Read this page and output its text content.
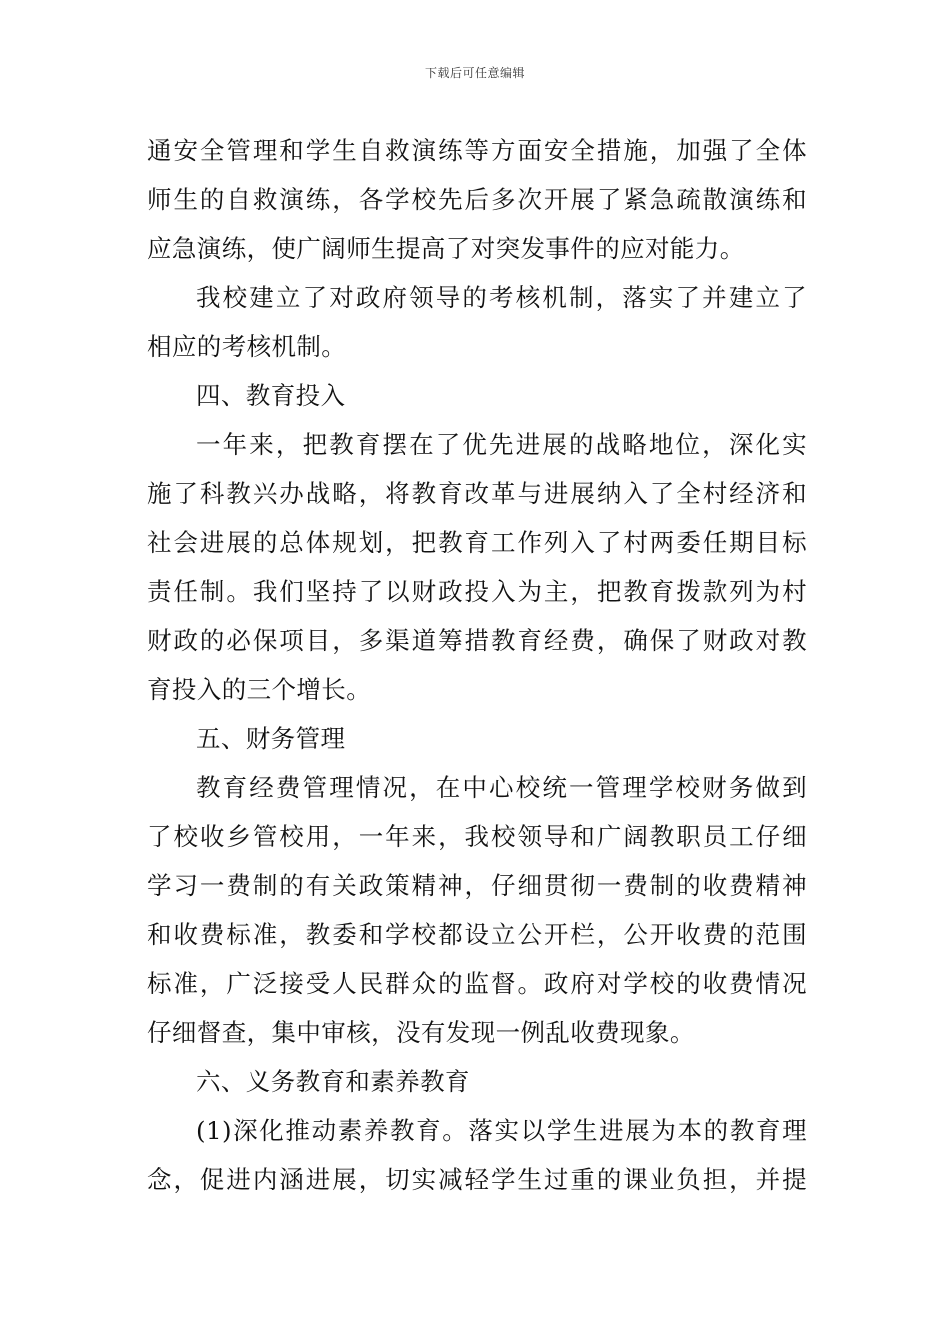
下载后可任意编辑
通安全管理和学生自救演练等方面安全措施，加强了全体
师生的自救演练，各学校先后多次开展了紧急疏散演练和
应急演练，使广阔师生提高了对突发事件的应对能力。
我校建立了对政府领导的考核机制，落实了并建立了
相应的考核机制。
四、教育投入
一年来，把教育摆在了优先进展的战略地位，深化实
施了科教兴办战略，将教育改革与进展纳入了全村经济和
社会进展的总体规划，把教育工作列入了村两委任期目标
责任制。我们坚持了以财政投入为主，把教育拨款列为村
财政的必保项目，多渠道筹措教育经费，确保了财政对教
育投入的三个增长。
五、财务管理
教育经费管理情况，在中心校统一管理学校财务做到
了校收乡管校用，一年来，我校领导和广阔教职员工仔细
学习一费制的有关政策精神，仔细贯彻一费制的收费精神
和收费标准，教委和学校都设立公开栏，公开收费的范围
标准，广泛接受人民群众的监督。政府对学校的收费情况
仔细督查，集中审核，没有发现一例乱收费现象。
六、义务教育和素养教育
(1)深化推动素养教育。落实以学生进展为本的教育理
念，促进内涵进展，切实减轻学生过重的课业负担，并提
